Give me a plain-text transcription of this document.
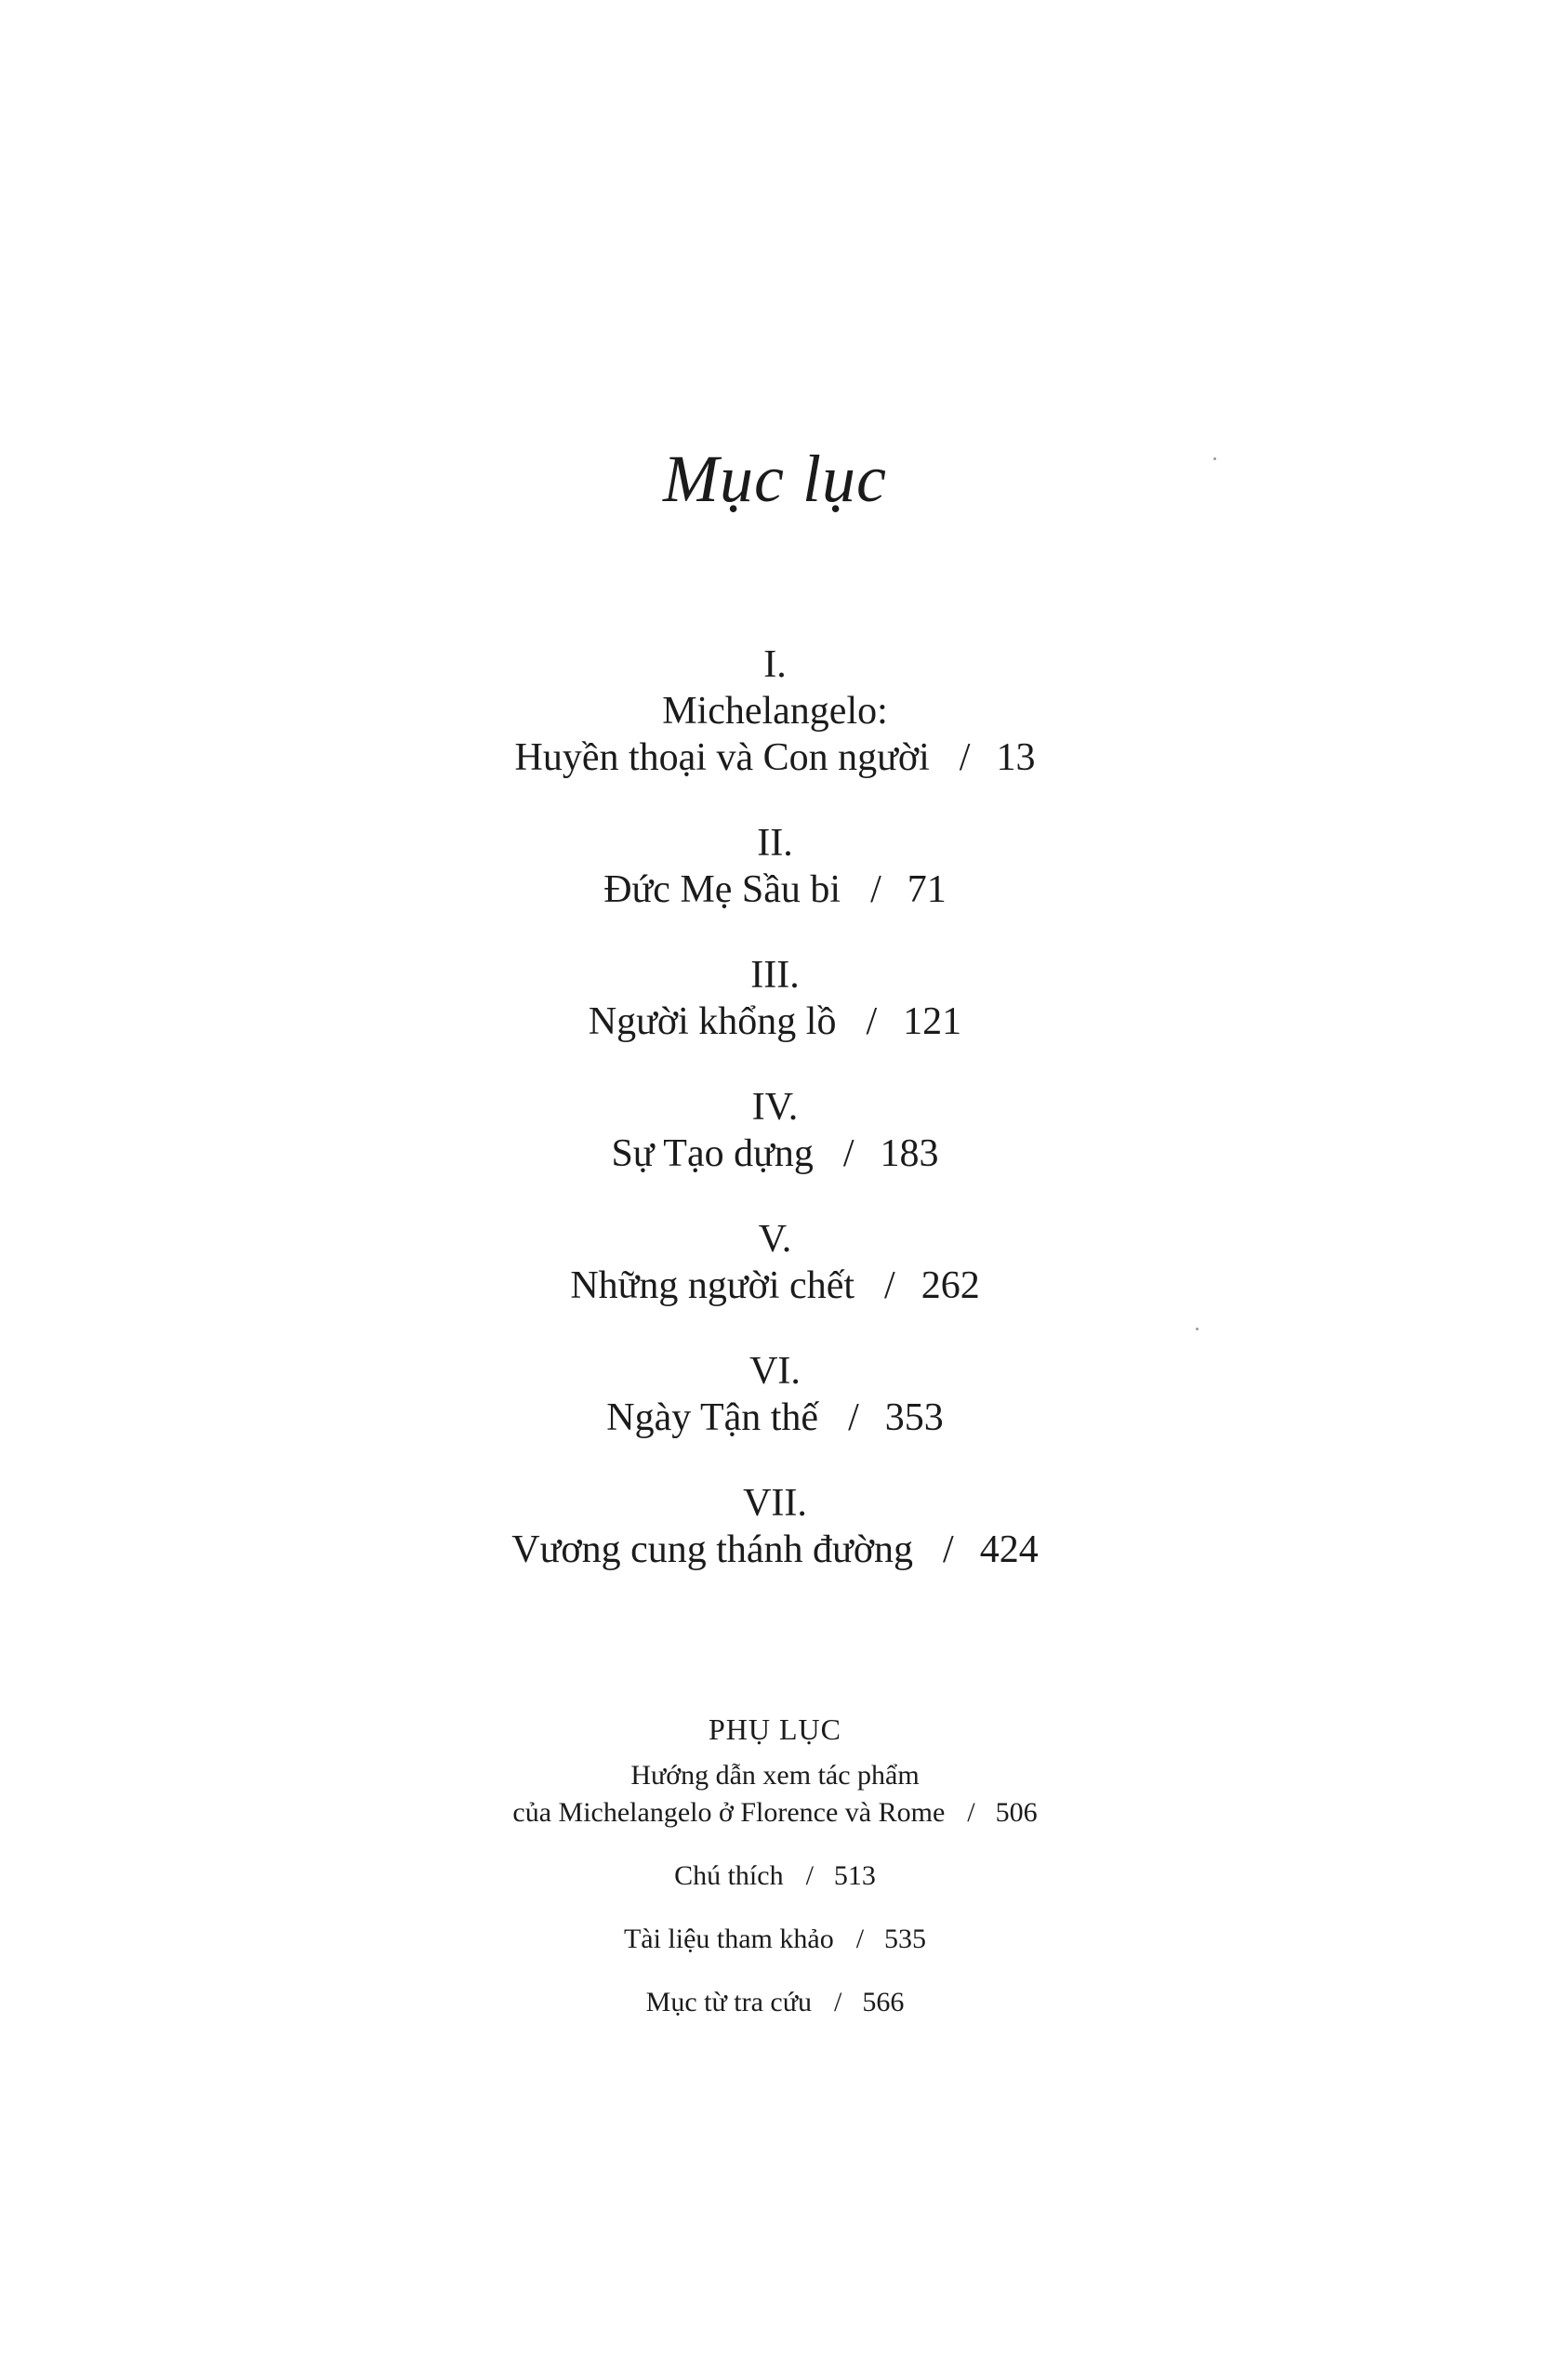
Mục lục
I.
Michelangelo:
Huyền thoại và Con người / 13
II.
Đức Mẹ Sầu bi / 71
III.
Người khổng lồ / 121
IV.
Sự Tạo dựng / 183
V.
Những người chết / 262
VI.
Ngày Tận thế / 353
VII.
Vương cung thánh đường / 424
PHỤ LỤC
Hướng dẫn xem tác phẩm
của Michelangelo ở Florence và Rome / 506
Chú thích / 513
Tài liệu tham khảo / 535
Mục từ tra cứu / 566
